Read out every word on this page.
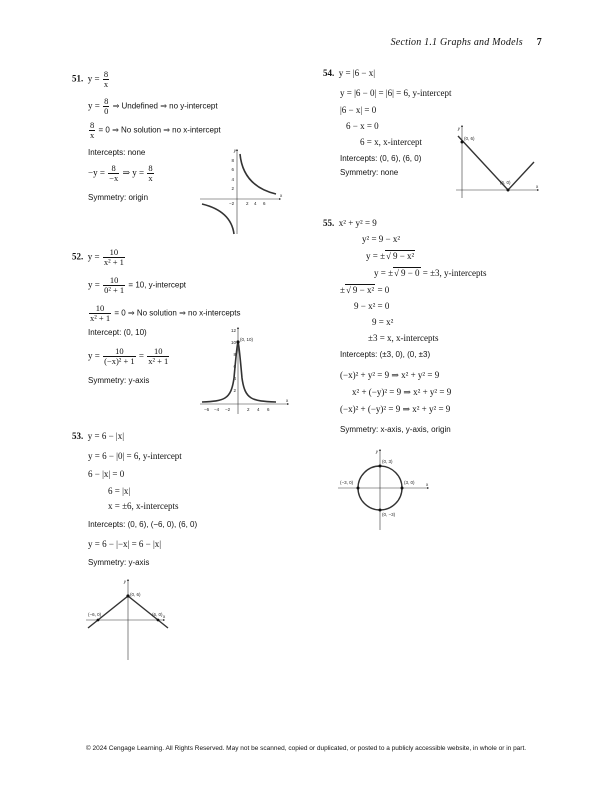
Section 1.1 Graphs and Models 7
51. $y = \frac{8}{x}$
$y = \frac{8}{0}$ ⇒ Undefined ⇒ no y-intercept
$\frac{8}{x} = 0$ ⇒ No solution ⇒ no x-intercept
Intercepts: none
$-y = \frac{8}{-x}$ ⇒ $y = \frac{8}{x}$
Symmetry: origin
y
x
−2	2 4 6
8
6
4
2
52. $y = \frac{10}{\text{x² + 1}}$
$y = \frac{10}{\text{0² + 1}} = 10$, y-intercept
$\frac{10}{\text{x² + 1}} = 0$ ⇒ No solution ⇒ no x-intercepts
Intercept: (0, 10)
$y = \frac{10}{\text{(−x)² + 1}} = \frac{10}{\text{x² + 1}}$
Symmetry: y-axis
x
12
10
8
6
4
2
−6 −4 −2	2 4 6
(0, 10)
53. y = 6 − |x|
y = 6 − |0| = 6, y-intercept
6 − |x| = 0
6 = |x|
x = ±6, x-intercepts
Intercepts: (0, 6), (−6, 0), (6, 0)
y = 6 − |−x| = 6 − |x|
Symmetry: y-axis
y
x
(0, 6)
(−6, 0)	(6, 0)
54. y = |6 − x|
y = |6 − 0| = |6| = 6, y-intercept
|6 − x| = 0
6 − x = 0
6 = x, x-intercept
Intercepts: (0, 6), (6, 0)
Symmetry: none
y
x
(0, 6)
(6, 0)
55. x² + y² = 9
y² = 9 − x²
y = ±√ 9 − x²
y = ±√ 9 − 0 = ±3, y-intercepts
±√ 9 − x² = 0
9 − x² = 0
9 = x²
±3 = x, x-intercepts
Intercepts: (±3, 0), (0, ±3)
(−x)² + y² = 9 ⇒ x² + y² = 9
x² + (−y)² = 9 ⇒ x² + y² = 9
(−x)² + (−y)² = 9 ⇒ x² + y² = 9
Symmetry: x-axis, y-axis, origin
y
x
(0, 3)
(−3, 0)	(3, 0)
(0, −3)
© 2024 Cengage Learning. All Rights Reserved. May not be scanned, copied or duplicated, or posted to a publicly accessible website, in whole or in part.
